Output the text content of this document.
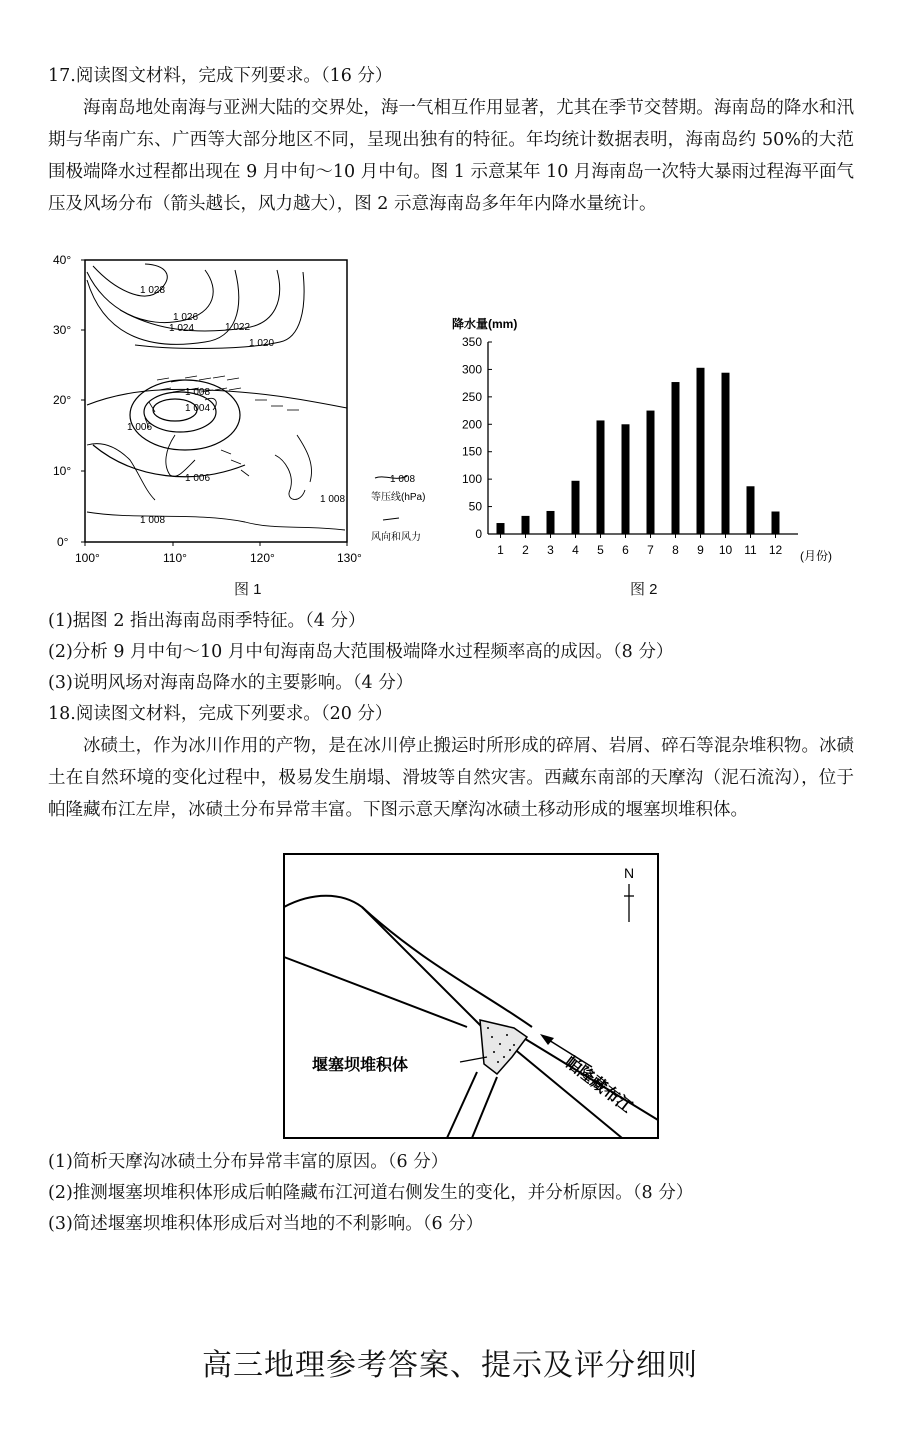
17.阅读图文材料，完成下列要求。（16 分）
海南岛地处南海与亚洲大陆的交界处，海一气相互作用显著，尤其在季节交替期。海南岛的降水和汛期与华南广东、广西等大部分地区不同，呈现出独有的特征。年均统计数据表明，海南岛约 50%的大范围极端降水过程都出现在 9 月中旬～10 月中旬。图 1 示意某年 10 月海南岛一次特大暴雨过程海平面气压及风场分布（箭头越长，风力越大），图 2 示意海南岛多年年内降水量统计。
40°
30°
20°
10°
0°
100°	110°	120°	130°
1 028
1 026
1 024	1 022
1 020
1 008
1 004
1 006
1 006
1 008
1 008
1 008
等压线(hPa)
风向和风力
图 1
降水量(mm)
(月份)
0
50
100
150
200
250
300
350
1 2 3 4 5 6 7 8 9 10 11 12
图 2
(1)据图 2 指出海南岛雨季特征。（4 分）
(2)分析 9 月中旬～10 月中旬海南岛大范围极端降水过程频率高的成因。（8 分）
(3)说明风场对海南岛降水的主要影响。（4 分）
18.阅读图文材料，完成下列要求。（20 分）
冰碛土，作为冰川作用的产物，是在冰川停止搬运时所形成的碎屑、岩屑、碎石等混杂堆积物。冰碛土在自然环境的变化过程中，极易发生崩塌、滑坡等自然灾害。西藏东南部的天摩沟（泥石流沟），位于帕隆藏布江左岸，冰碛土分布异常丰富。下图示意天摩沟冰碛土移动形成的堰塞坝堆积体。
堰塞坝堆积体	帕隆藏布江
N
(1)简析天摩沟冰碛土分布异常丰富的原因。（6 分）
(2)推测堰塞坝堆积体形成后帕隆藏布江河道右侧发生的变化，并分析原因。（8 分）
(3)简述堰塞坝堆积体形成后对当地的不利影响。（6 分）
高三地理参考答案、提示及评分细则
